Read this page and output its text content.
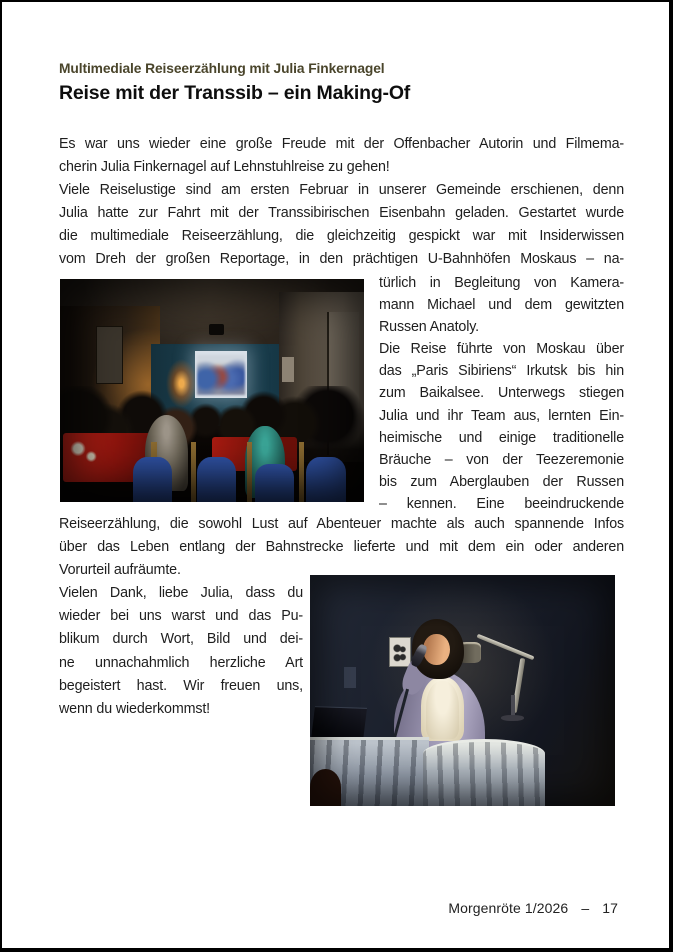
Multimediale Reiseerzählung mit Julia Finkernagel
Reise mit der Transsib – ein Making-Of
Es war uns wieder eine große Freude mit der Offenbacher Autorin und Filmema-
cherin Julia Finkernagel auf Lehnstuhlreise zu gehen!
Viele Reiselustige sind am ersten Februar in unserer Gemeinde erschienen, denn
Julia hatte zur Fahrt mit der Transsibirischen Eisenbahn geladen. Gestartet wurde
die multimediale Reiseerzählung, die gleichzeitig gespickt war mit Insiderwissen
vom Dreh der großen Reportage, in den prächtigen U-Bahnhöfen Moskaus – na-
türlich in Begleitung von Kamera-
mann Michael und dem gewitzten
Russen Anatoly.
Die Reise führte von Moskau über
das „Paris Sibiriens“ Irkutsk bis hin
zum Baikalsee. Unterwegs stiegen
Julia und ihr Team aus, lernten Ein-
heimische und einige traditionelle
Bräuche – von der Teezeremonie
bis zum Aberglauben der Russen
– kennen. Eine beeindruckende
Reiseerzählung, die sowohl Lust auf Abenteuer machte als auch spannende Infos
über das Leben entlang der Bahnstrecke lieferte und mit dem ein oder anderen
Vorurteil aufräumte.
Vielen Dank, liebe Julia, dass du
wieder bei uns warst und das Pu-
blikum durch Wort, Bild und dei-
ne unnachahmlich herzliche Art
begeistert hast. Wir freuen uns,
wenn du wiederkommst!
Morgenröte 1/2026 – 17
